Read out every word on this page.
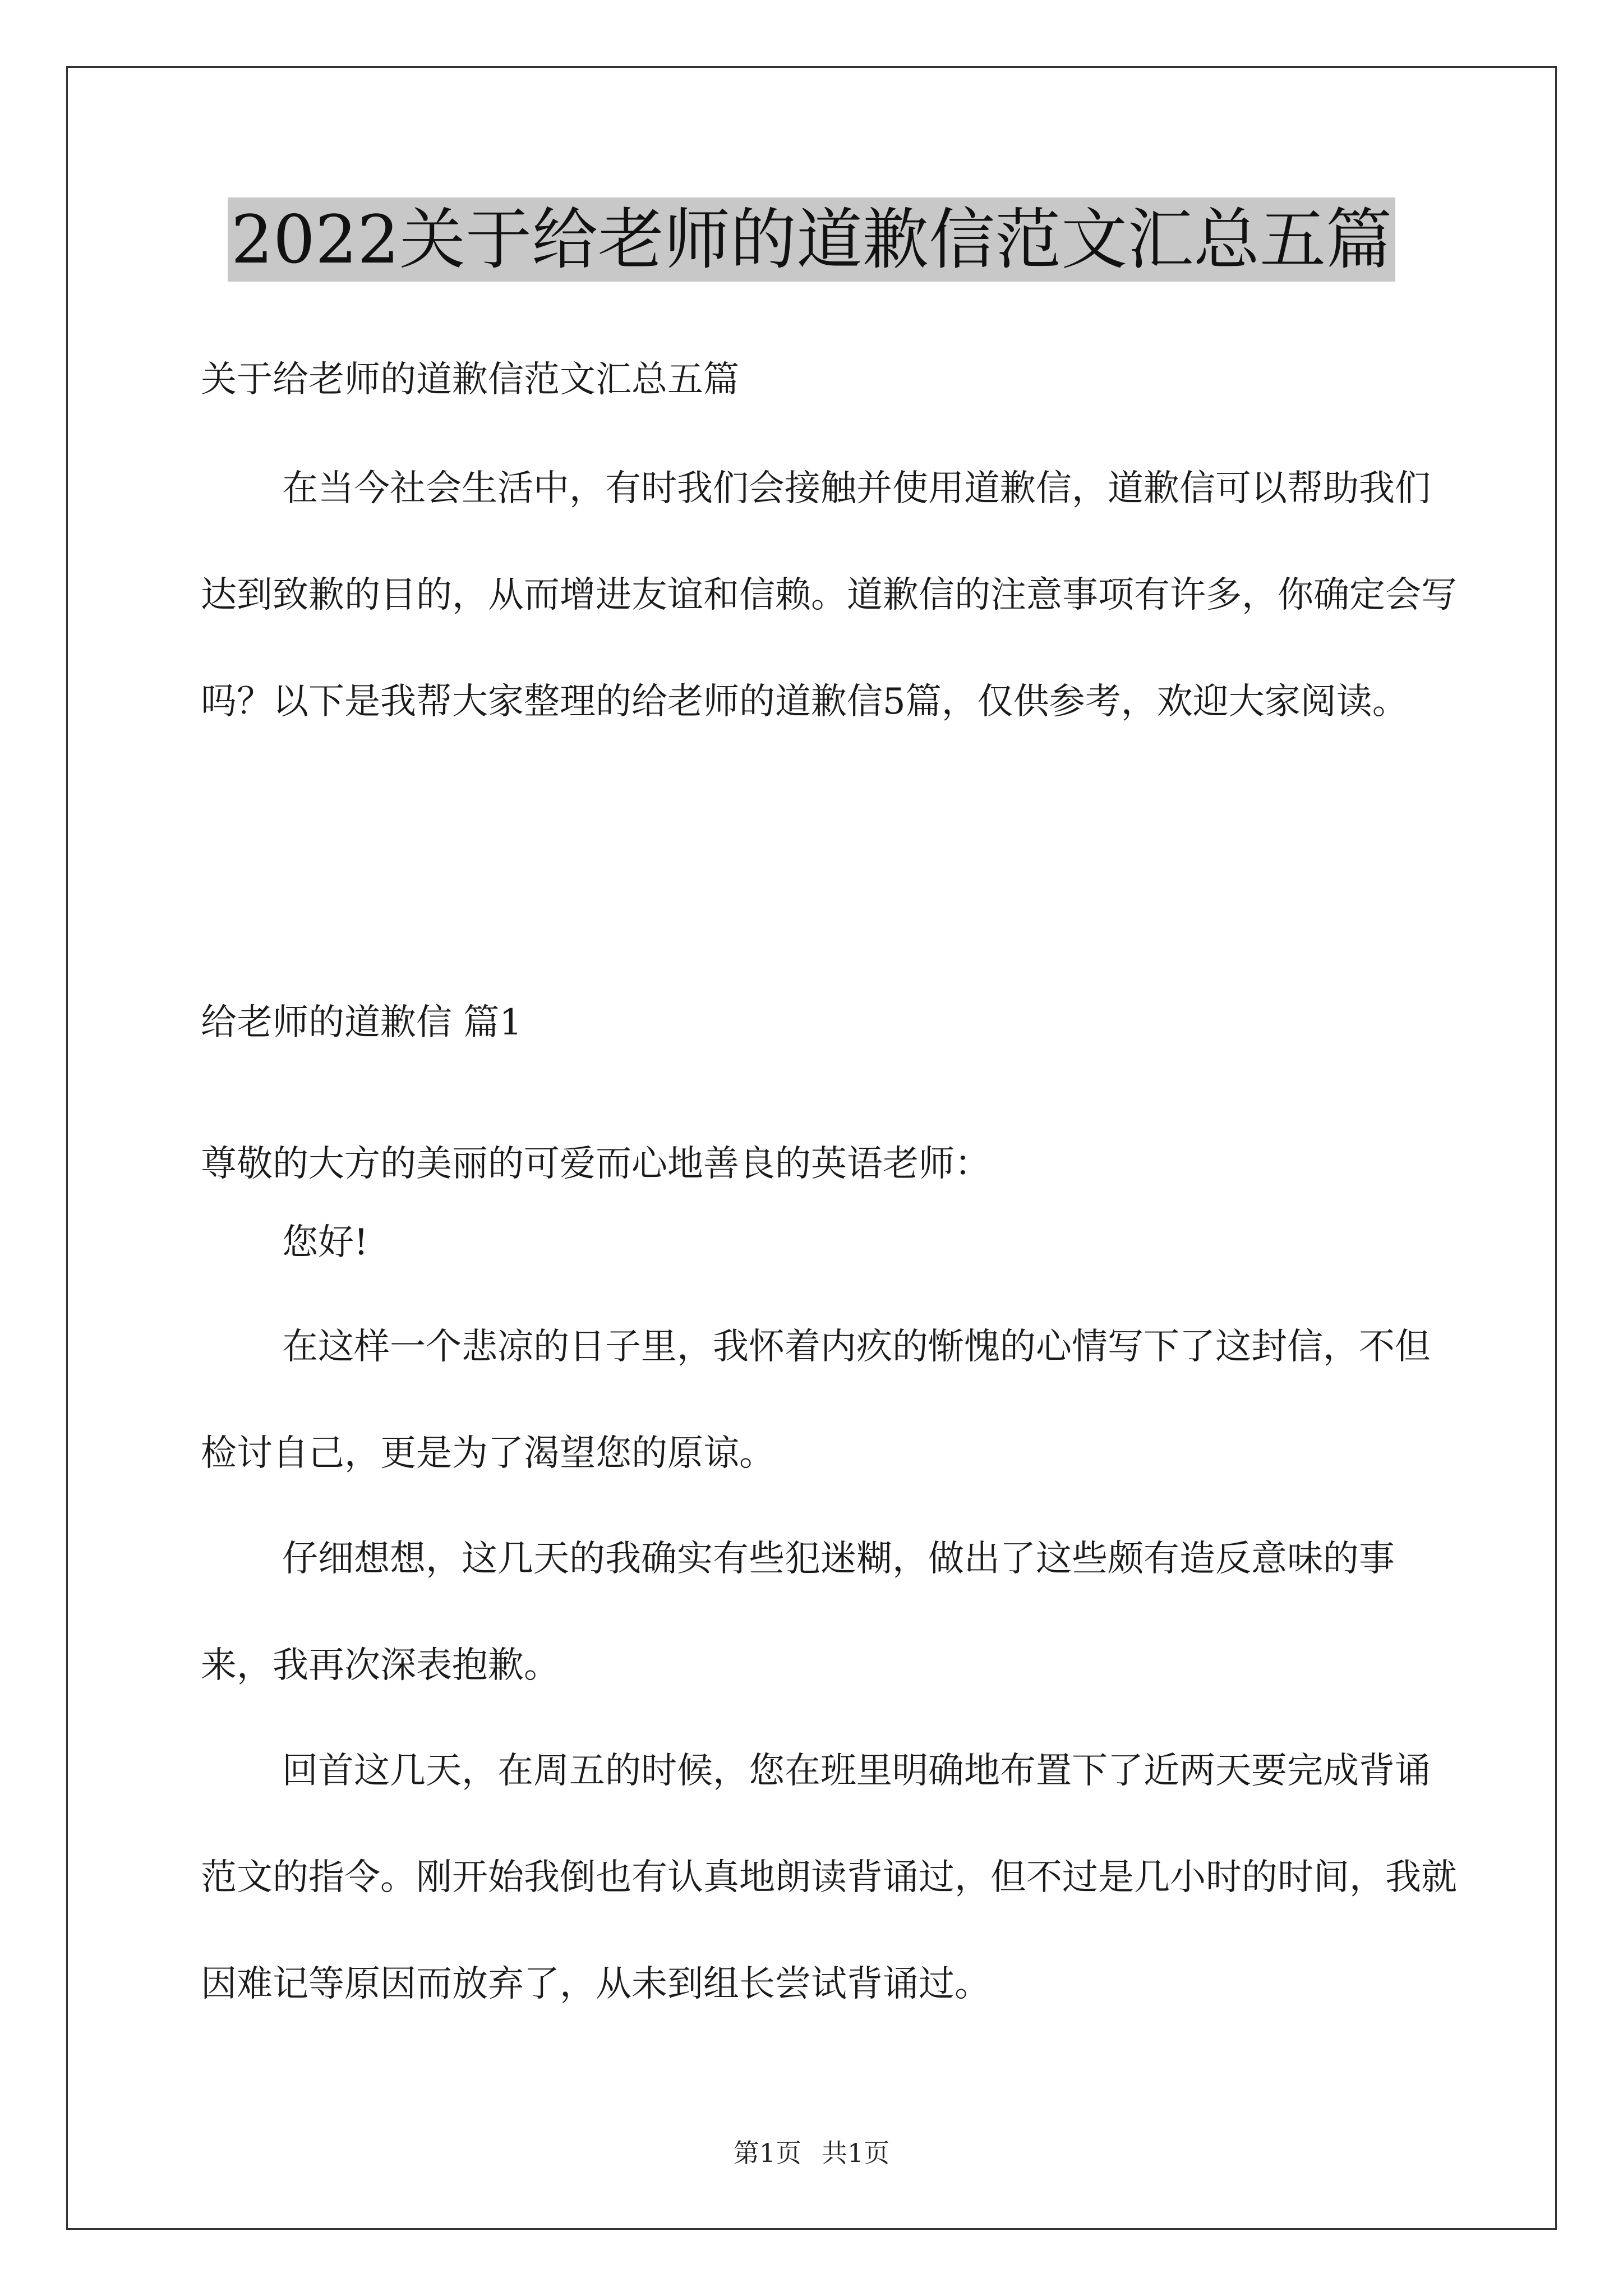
2022关于给老师的道歉信范文汇总五篇
关于给老师的道歉信范文汇总五篇

在当今社会生活中，有时我们会接触并使用道歉信，道歉信可以帮助我们达到致歉的目的，从而增进友谊和信赖。道歉信的注意事项有许多，你确定会写吗？以下是我帮大家整理的给老师的道歉信5篇，仅供参考，欢迎大家阅读。

给老师的道歉信 篇1
尊敬的大方的美丽的可爱而心地善良的英语老师：
您好!

在这样一个悲凉的日子里，我怀着内疚的惭愧的心情写下了这封信，不但检讨自己，更是为了渴望您的原谅。

仔细想想，这几天的我确实有些犯迷糊，做出了这些颇有造反意味的事来，我再次深表抱歉。

回首这几天，在周五的时候，您在班里明确地布置下了近两天要完成背诵范文的指令。刚开始我倒也有认真地朗读背诵过，但不过是几小时的时间，我就因难记等原因而放弃了，从未到组长尝试背诵过。

第1页 共1页
